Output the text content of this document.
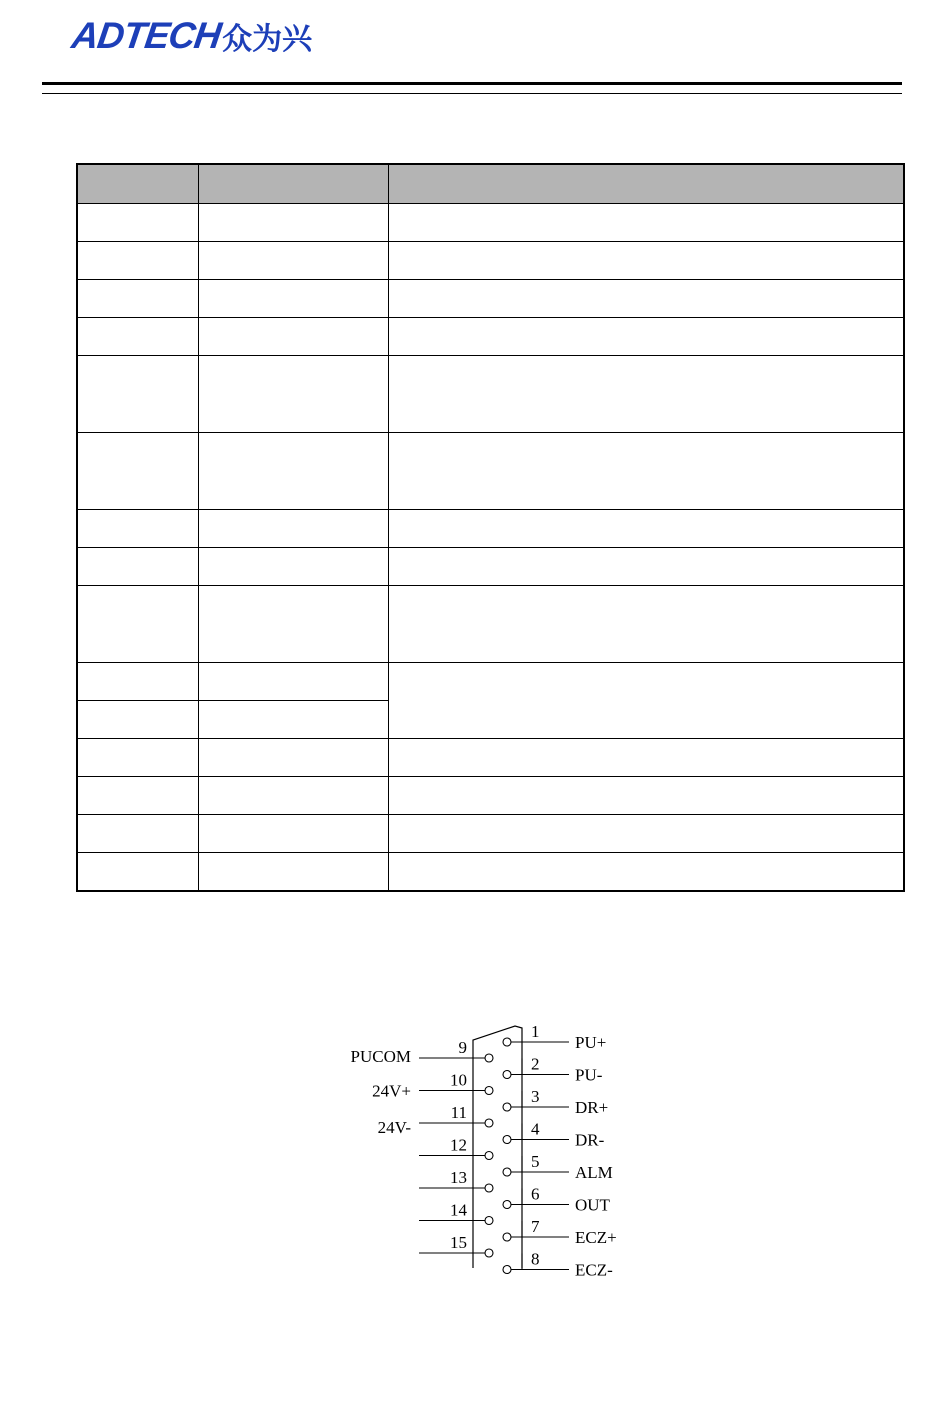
ADTECH 众为兴

1
PU+
2
PU-
3
DR+
4
DR-
5
ALM
6
OUT
7
ECZ+
8
ECZ-
9
PUCOM
10
24V+
11
24V-
12
13
14
15
